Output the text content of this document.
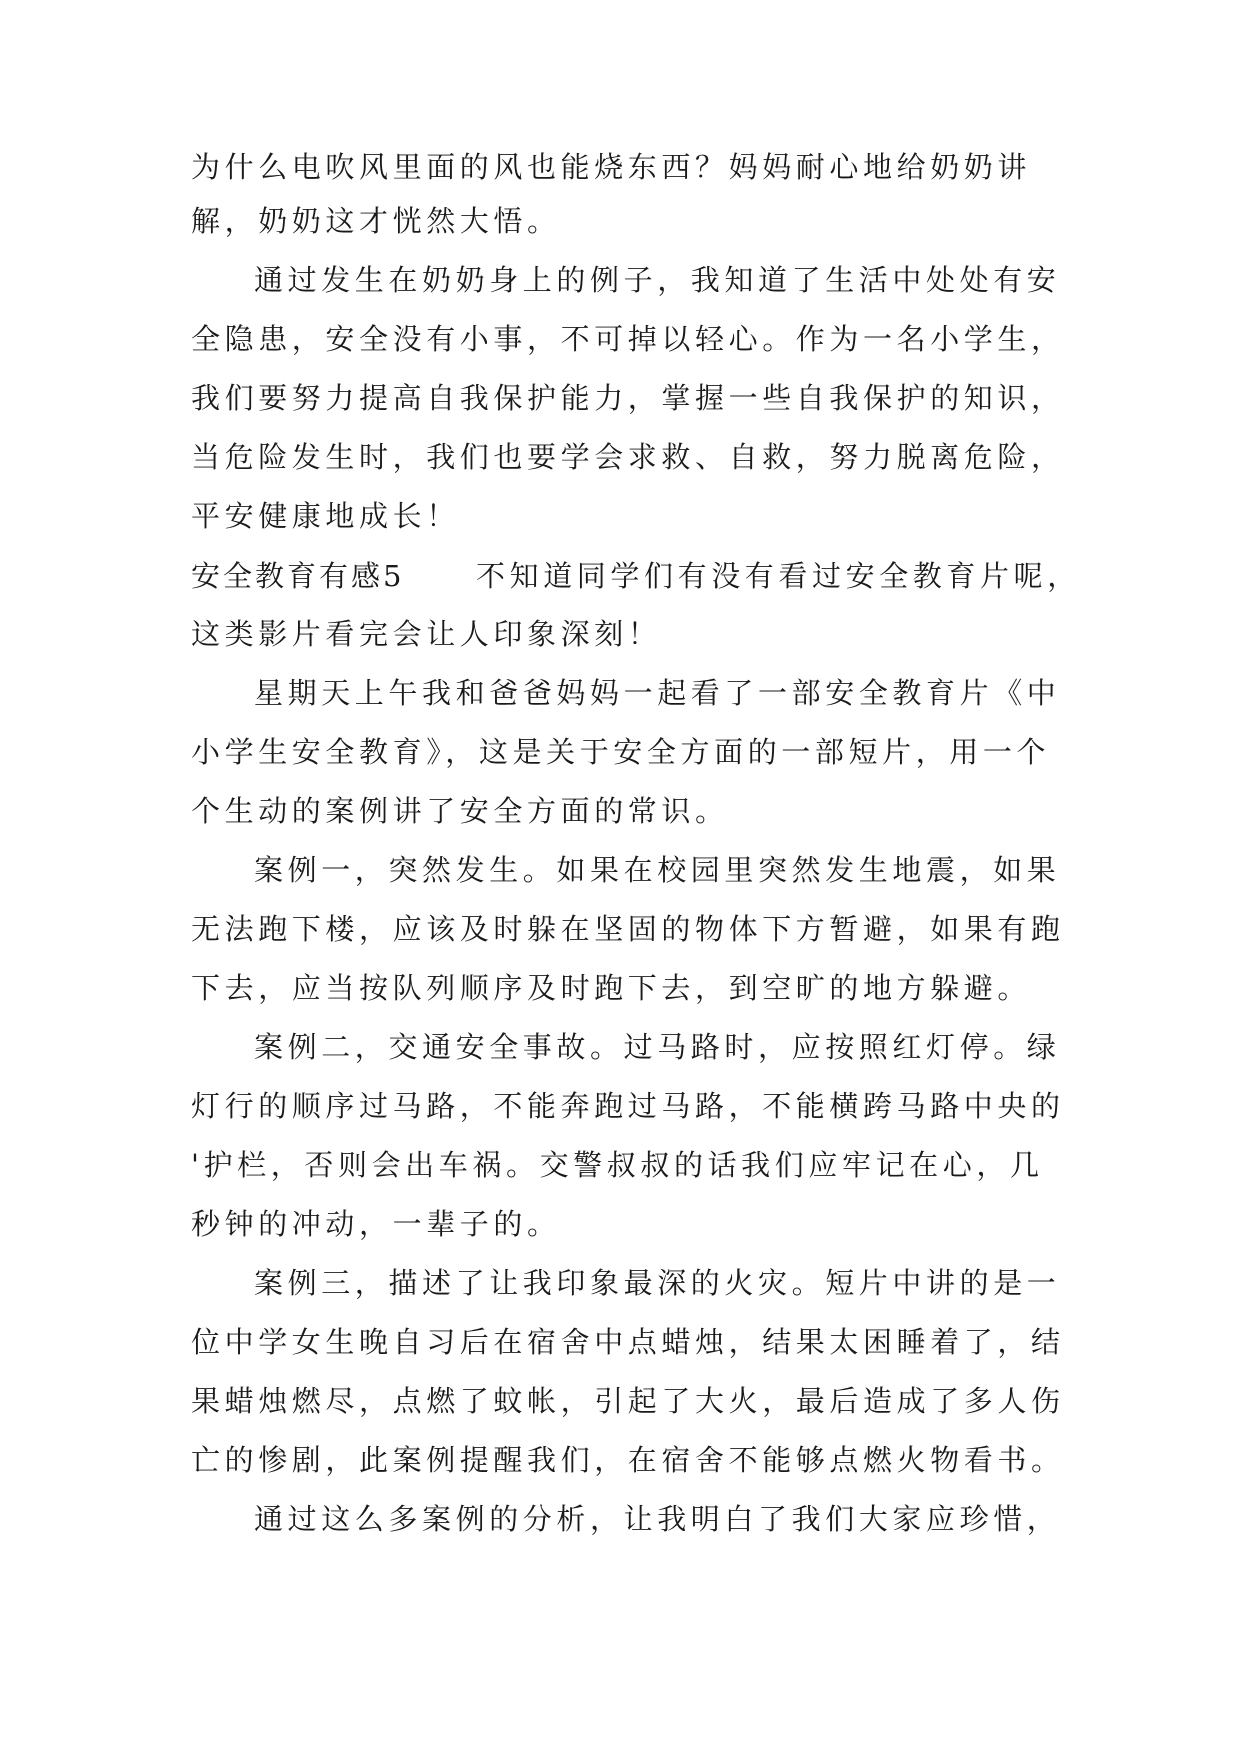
为什么电吹风里面的风也能烧东西？妈妈耐心地给奶奶讲
解，奶奶这才恍然大悟。
通过发生在奶奶身上的例子，我知道了生活中处处有安
全隐患，安全没有小事，不可掉以轻心。作为一名小学生，
我们要努力提高自我保护能力，掌握一些自我保护的知识，
当危险发生时，我们也要学会求救、自救，努力脱离危险，
平安健康地成长！
安全教育有感5 不知道同学们有没有看过安全教育片呢，
这类影片看完会让人印象深刻！
星期天上午我和爸爸妈妈一起看了一部安全教育片《中
小学生安全教育》，这是关于安全方面的一部短片，用一个
个生动的案例讲了安全方面的常识。
案例一，突然发生。如果在校园里突然发生地震，如果
无法跑下楼，应该及时躲在坚固的物体下方暂避，如果有跑
下去，应当按队列顺序及时跑下去，到空旷的地方躲避。
案例二，交通安全事故。过马路时，应按照红灯停。绿
灯行的顺序过马路，不能奔跑过马路，不能横跨马路中央的
'护栏，否则会出车祸。交警叔叔的话我们应牢记在心，几
秒钟的冲动，一辈子的。
案例三，描述了让我印象最深的火灾。短片中讲的是一
位中学女生晚自习后在宿舍中点蜡烛，结果太困睡着了，结
果蜡烛燃尽，点燃了蚊帐，引起了大火，最后造成了多人伤
亡的惨剧，此案例提醒我们，在宿舍不能够点燃火物看书。
通过这么多案例的分析，让我明白了我们大家应珍惜，
